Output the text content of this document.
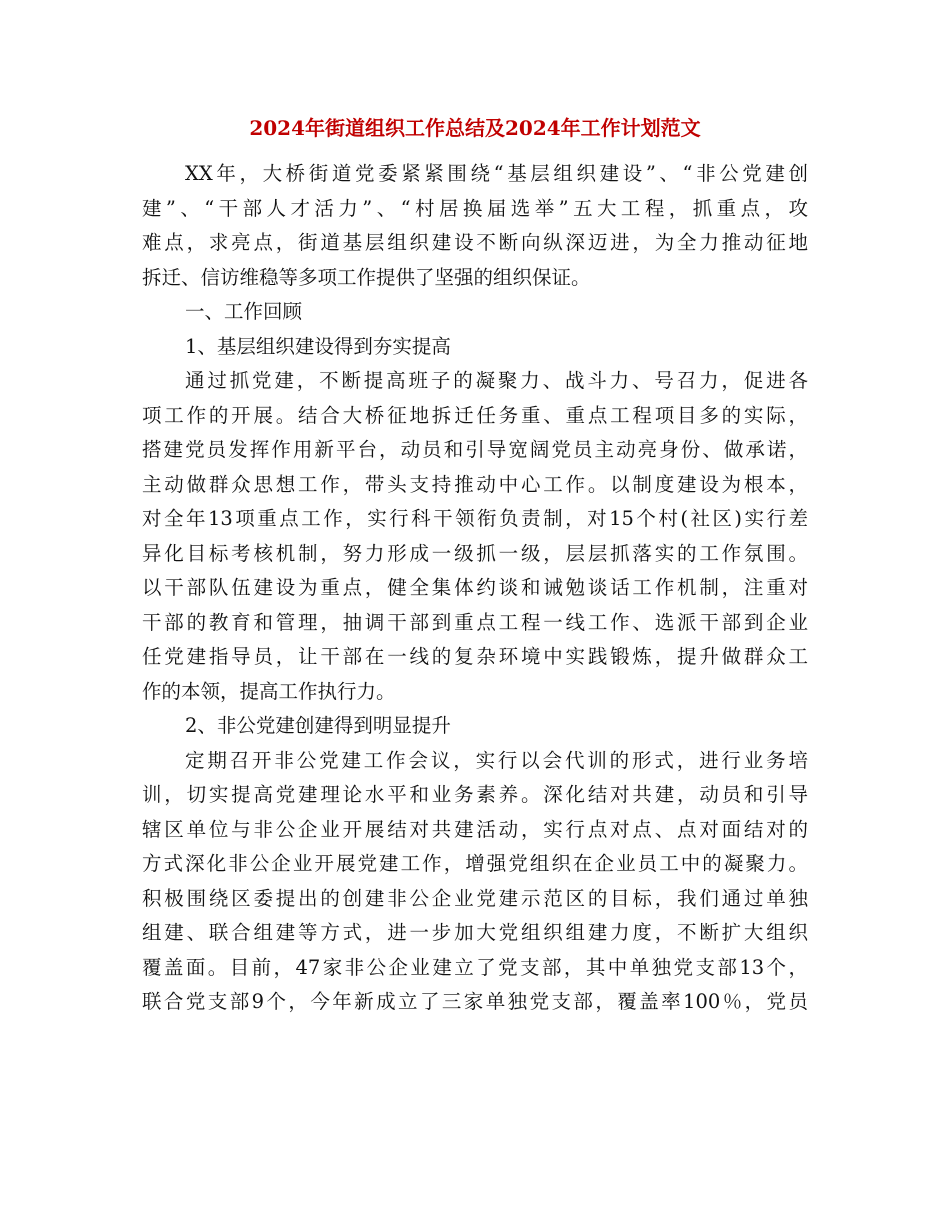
2024年街道组织工作总结及2024年工作计划范文
XX年，大桥街道党委紧紧围绕“基层组织建设”、“非公党建创
建”、“干部人才活力”、“村居换届选举”五大工程，抓重点，攻
难点，求亮点，街道基层组织建设不断向纵深迈进，为全力推动征地
拆迁、信访维稳等多项工作提供了坚强的组织保证。
一、工作回顾
1、基层组织建设得到夯实提高
通过抓党建，不断提高班子的凝聚力、战斗力、号召力，促进各
项工作的开展。结合大桥征地拆迁任务重、重点工程项目多的实际，
搭建党员发挥作用新平台，动员和引导宽阔党员主动亮身份、做承诺，
主动做群众思想工作，带头支持推动中心工作。以制度建设为根本，
对全年13项重点工作，实行科干领衔负责制，对15个村(社区)实行差
异化目标考核机制，努力形成一级抓一级，层层抓落实的工作氛围。
以干部队伍建设为重点，健全集体约谈和诫勉谈话工作机制，注重对
干部的教育和管理，抽调干部到重点工程一线工作、选派干部到企业
任党建指导员，让干部在一线的复杂环境中实践锻炼，提升做群众工
作的本领，提高工作执行力。
2、非公党建创建得到明显提升
定期召开非公党建工作会议，实行以会代训的形式，进行业务培
训，切实提高党建理论水平和业务素养。深化结对共建，动员和引导
辖区单位与非公企业开展结对共建活动，实行点对点、点对面结对的
方式深化非公企业开展党建工作，增强党组织在企业员工中的凝聚力。
积极围绕区委提出的创建非公企业党建示范区的目标，我们通过单独
组建、联合组建等方式，进一步加大党组织组建力度，不断扩大组织
覆盖面。目前，47家非公企业建立了党支部，其中单独党支部13个，
联合党支部9个，今年新成立了三家单独党支部，覆盖率100％，党员
